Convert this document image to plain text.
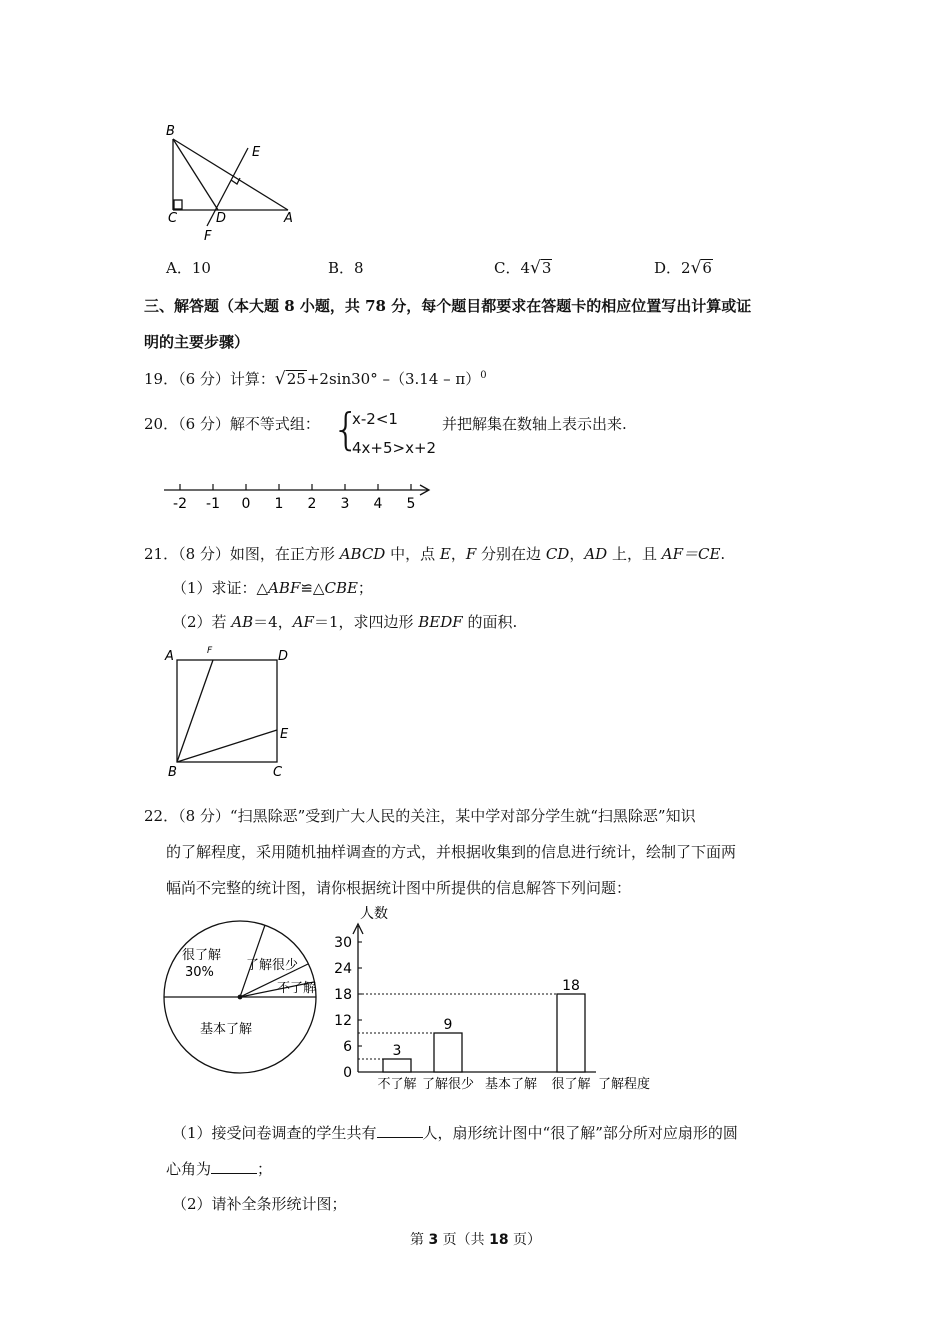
B
E
C	D	A
F
A．10	B．8	C．4√3	D．2√6
三、解答题（本大题 8 小题，共 78 分，每个题目都要求在答题卡的相应位置写出计算或证
明的主要步骤）
19．（6 分）计算：√25+2sin30° –（3.14 – π）$^0$
20．（6 分）解不等式组： {
x-2<1
4x+5>x+2
并把解集在数轴上表示出来.
-2 -1 0 1 2 3 4 5
21．（8 分）如图，在正方形 ABCD 中，点 E，F 分别在边 CD，AD 上，且 AF＝CE.
（1）求证：△ABF≌△CBE；
（2）若 AB＝4，AF＝1，求四边形 BEDF 的面积.
A	F	D
E
B	C
22．（8 分）“扫黑除恶”受到广大人民的关注，某中学对部分学生就“扫黑除恶”知识
的了解程度，采用随机抽样调查的方式，并根据收集到的信息进行统计，绘制了下面两
幅尚不完整的统计图，请你根据统计图中所提供的信息解答下列问题：
很了解
30% 了解很少
不了解
基本了解
人数
了解程度
0
6
12
18
24
30
不了解
3
了解很少
9
基本了解 很了解
18
（1）接受问卷调查的学生共有	人，扇形统计图中“很了解”部分所对应扇形的圆
心角为	；
（2）请补全条形统计图；
第 3 页（共 18 页）
